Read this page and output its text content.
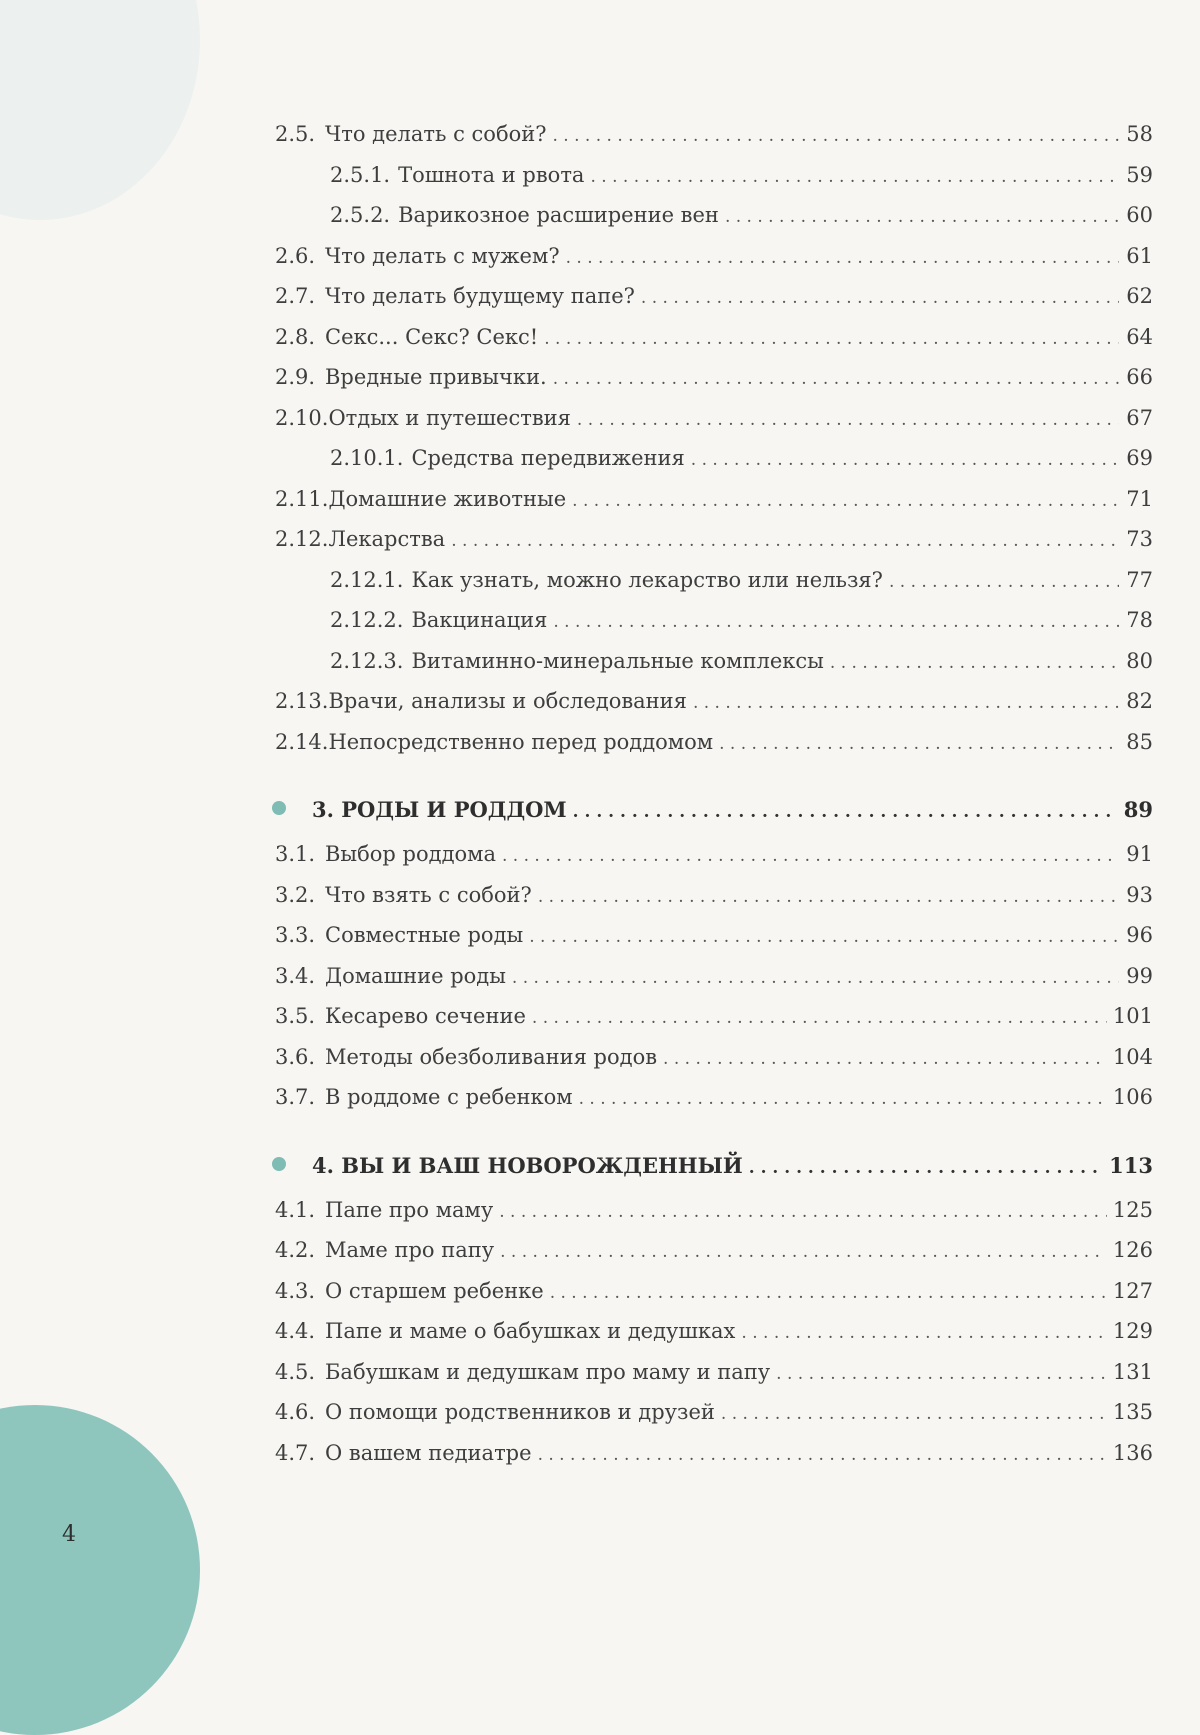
2.5. Что делать с собой? . . .	58
2.5.1. Тошнота и рвота . . .	59
2.5.2. Варикозное расширение вен . . .	60
2.6. Что делать с мужем? . . .	61
2.7. Что делать будущему папе? . . .	62
2.8. Секс... Секс? Секс! . . .	64
2.9. Вредные привычки. . . .	66
2.10. Отдых и путешествия . . .	67
2.10.1. Средства передвижения . . .	69
2.11. Домашние животные . . .	71
2.12. Лекарства . . .	73
2.12.1. Как узнать, можно лекарство или нельзя? . . .	77
2.12.2. Вакцинация . . .	78
2.12.3. Витаминно-минеральные комплексы . . .	80
2.13. Врачи, анализы и обследования . . .	82
2.14. Непосредственно перед роддомом . . .	85
3. РОДЫ И РОДДОМ . . .	89
3.1. Выбор роддома . . .	91
3.2. Что взять с собой? . . .	93
3.3. Совместные роды . . .	96
3.4. Домашние роды . . .	99
3.5. Кесарево сечение . . .	101
3.6. Методы обезболивания родов . . .	104
3.7. В роддоме с ребенком . . .	106
4. ВЫ И ВАШ НОВОРОЖДЕННЫЙ . . .	113
4.1. Папе про маму . . .	125
4.2. Маме про папу . . .	126
4.3. О старшем ребенке . . .	127
4.4. Папе и маме о бабушках и дедушках . . .	129
4.5. Бабушкам и дедушкам про маму и папу . . .	131
4.6. О помощи родственников и друзей . . .	135
4.7. О вашем педиатре . . .	136
4
